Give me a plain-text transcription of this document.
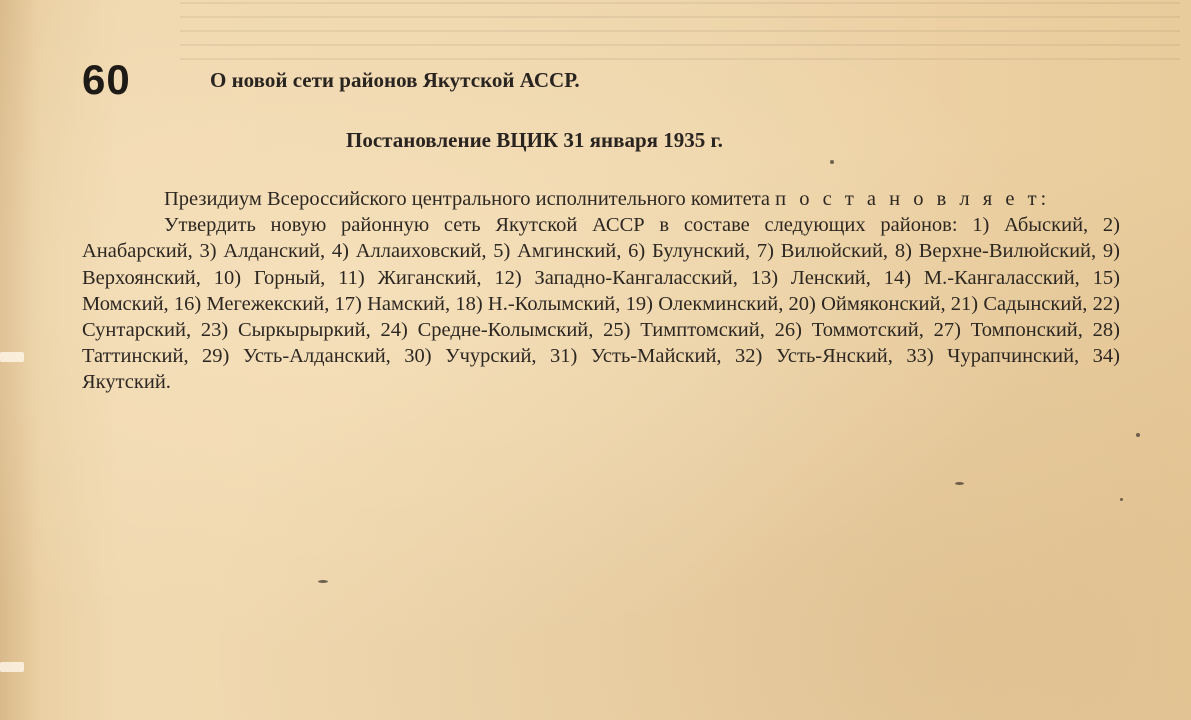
60	О новой сети районов Якутской АССР.
Постановление ВЦИК 31 января 1935 г.

Президиум Всероссийского центрального исполнительного комитета п о с т а н о в л я е т:

Утвердить новую районную сеть Якутской АССР в составе следующих районов: 1) Абыский, 2) Анабарский, 3) Алданский, 4) Аллаиховский, 5) Амгинский, 6) Булунский, 7) Вилюйский, 8) Верхне-Вилюйский, 9) Верхоянский, 10) Горный, 11) Жиганский, 12) Западно-Кангаласский, 13) Ленский, 14) М.-Кангаласский, 15) Момский, 16) Мегежекский, 17) Намский, 18) Н.-Колымский, 19) Олекминский, 20) Оймяконский, 21) Садынский, 22) Сунтарский, 23) Сыркырыркий, 24) Средне-Колымский, 25) Тимптомский, 26) Томмотский, 27) Томпонский, 28) Таттинский, 29) Усть-Алданский, 30) Учурский, 31) Усть-Майский, 32) Усть-Янский, 33) Чурапчинский, 34) Якутский.
